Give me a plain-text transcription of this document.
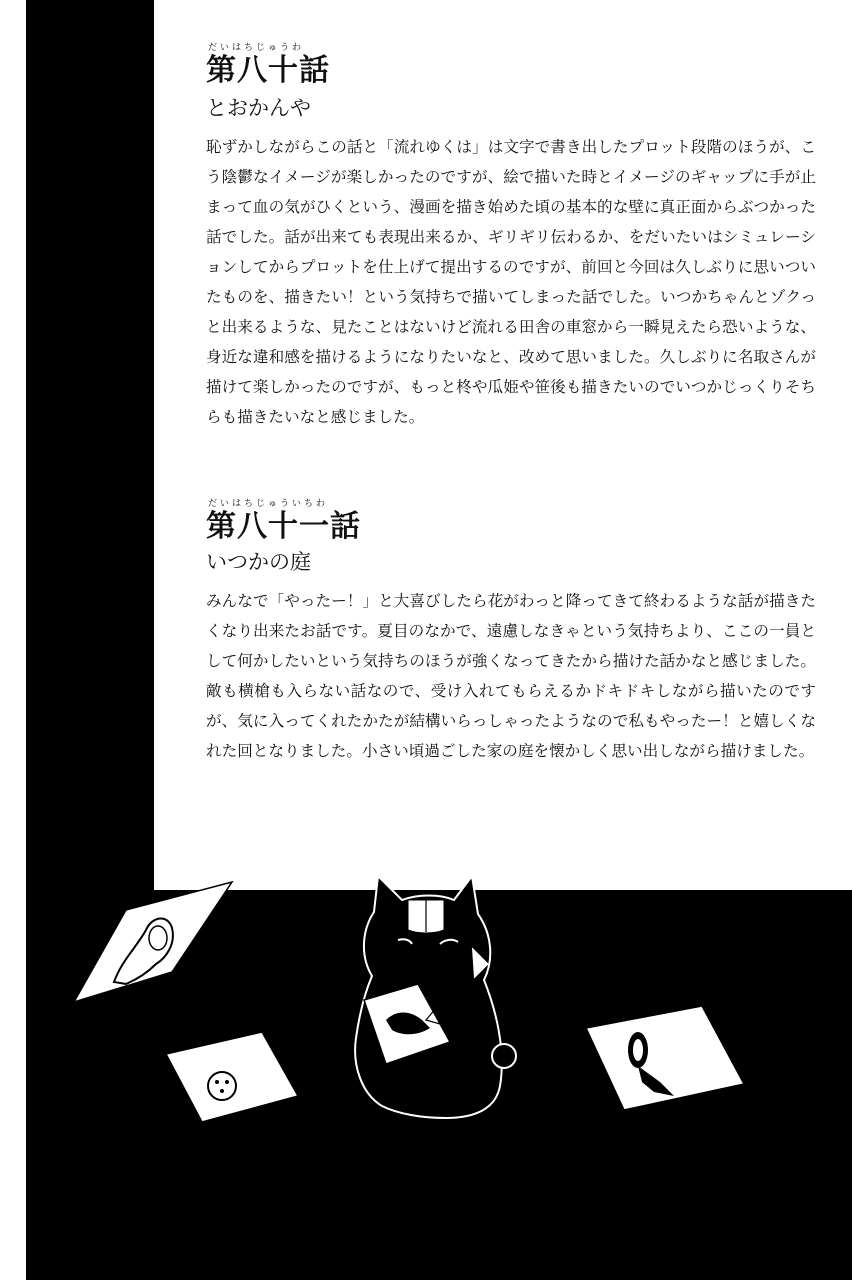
だいはちじゅうわ
第八十話
とおかんや

恥ずかしながらこの話と「流れゆくは」は文字で書き出したプロット段階のほうが、こう陰鬱なイメージが楽しかったのですが、絵で描いた時とイメージのギャップに手が止まって血の気がひくという、漫画を描き始めた頃の基本的な壁に真正面からぶつかった話でした。話が出来ても表現出来るか、ギリギリ伝わるか、をだいたいはシミュレーションしてからプロットを仕上げて提出するのですが、前回と今回は久しぶりに思いついたものを、描きたい！という気持ちで描いてしまった話でした。いつかちゃんとゾクっと出来るような、見たことはないけど流れる田舎の車窓から一瞬見えたら恐いような、身近な違和感を描けるようになりたいなと、改めて思いました。久しぶりに名取さんが描けて楽しかったのですが、もっと柊や瓜姫や笹後も描きたいのでいつかじっくりそちらも描きたいなと感じました。

だいはちじゅういちわ
第八十一話
いつかの庭

みんなで「やったー！」と大喜びしたら花がわっと降ってきて終わるような話が描きたくなり出来たお話です。夏目のなかで、遠慮しなきゃという気持ちより、ここの一員として何かしたいという気持ちのほうが強くなってきたから描けた話かなと感じました。敵も横槍も入らない話なので、受け入れてもらえるかドキドキしながら描いたのですが、気に入ってくれたかたが結構いらっしゃったようなので私もやったー！と嬉しくなれた回となりました。小さい頃過ごした家の庭を懐かしく思い出しながら描けました。
